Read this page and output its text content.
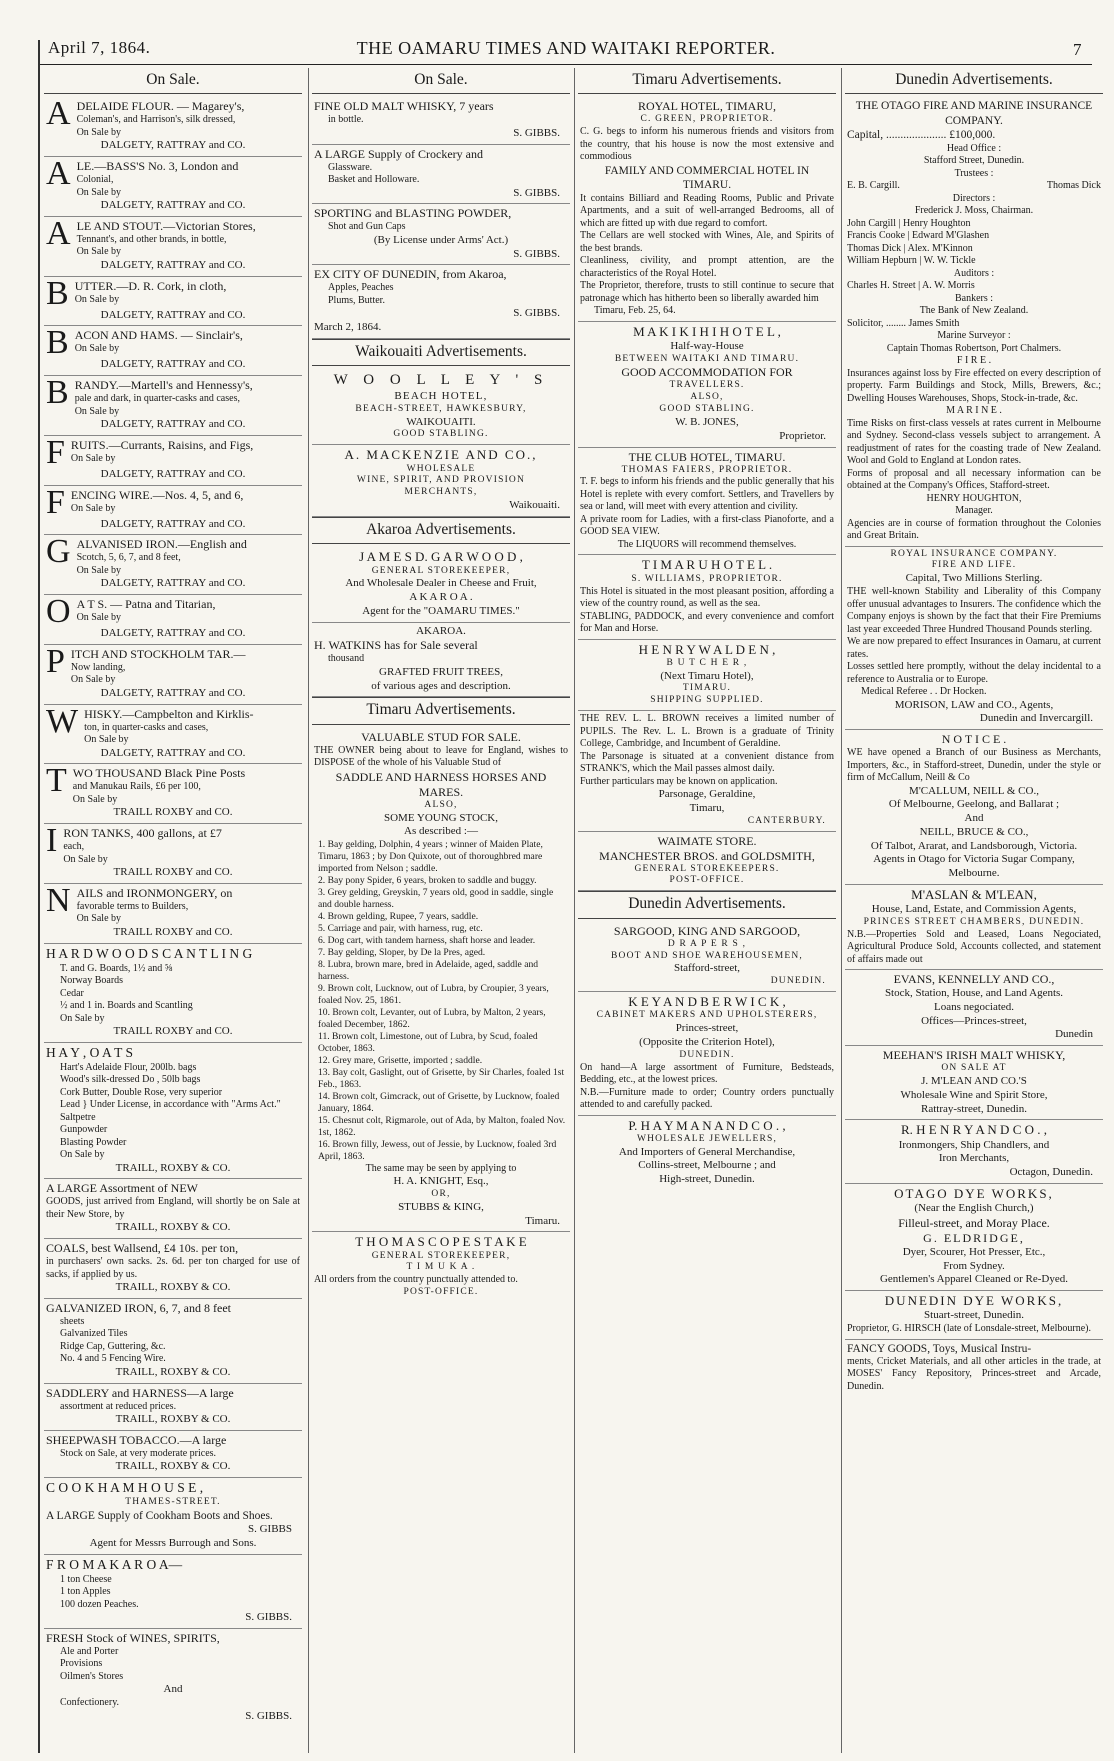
April 7, 1864.	THE OAMARU TIMES AND WAITAKI REPORTER.	7
On Sale.

ADELAIDE FLOUR. — Magarey's,

Coleman's, and Harrison's, silk dressed,

On Sale by

DALGETY, RATTRAY and CO.

ALE.—BASS'S No. 3, London and

Colonial,

On Sale by

DALGETY, RATTRAY and CO.

ALE AND STOUT.—Victorian Stores,

Tennant's, and other brands, in bottle,

On Sale by

DALGETY, RATTRAY and CO.

BUTTER.—D. R. Cork, in cloth,

On Sale by

DALGETY, RATTRAY and CO.

BACON AND HAMS. — Sinclair's,

On Sale by

DALGETY, RATTRAY and CO.

BRANDY.—Martell's and Hennessy's,

pale and dark, in quarter-casks and cases,

On Sale by

DALGETY, RATTRAY and CO.

FRUITS.—Currants, Raisins, and Figs,

On Sale by

DALGETY, RATTRAY and CO.

FENCING WIRE.—Nos. 4, 5, and 6,

On Sale by

DALGETY, RATTRAY and CO.

GALVANISED IRON.—English and

Scotch, 5, 6, 7, and 8 feet,

On Sale by

DALGETY, RATTRAY and CO.

O A T S. — Patna and Titarian,

On Sale by

DALGETY, RATTRAY and CO.

PITCH AND STOCKHOLM TAR.—

Now landing,

On Sale by

DALGETY, RATTRAY and CO.

WHISKY.—Campbelton and Kirklis-

ton, in quarter-casks and cases,

On Sale by

DALGETY, RATTRAY and CO.

TWO THOUSAND Black Pine Posts

and Manukau Rails, £6 per 100,

On Sale by

TRAILL ROXBY and CO.

IRON TANKS, 400 gallons, at £7

each,

On Sale by

TRAILL ROXBY and CO.

NAILS and IRONMONGERY, on

favorable terms to Builders,

On Sale by

TRAILL ROXBY and CO.

H A R D W O O D S C A N T L I N G

T. and G. Boards, 1½ and ⅝

Norway Boards

Cedar

½ and 1 in. Boards and Scantling

On Sale by

TRAILL ROXBY and CO.

H A Y , O A T S

Hart's Adelaide Flour, 200lb. bags

Wood's silk-dressed Do , 50lb bags

Cork Butter, Double Rose, very superior

Lead } Under License, in accordance with "Arms Act."

Saltpetre

Gunpowder

Blasting Powder

On Sale by

TRAILL, ROXBY & CO.

A LARGE Assortment of NEW

GOODS, just arrived from England, will shortly be on Sale at their New Store, by

TRAILL, ROXBY & CO.

COALS, best Wallsend, £4 10s. per ton,

in purchasers' own sacks. 2s. 6d. per ton charged for use of sacks, if applied by us.

TRAILL, ROXBY & CO.

GALVANIZED IRON, 6, 7, and 8 feet

sheets

Galvanized Tiles

Ridge Cap, Guttering, &c.

No. 4 and 5 Fencing Wire.

TRAILL, ROXBY & CO.

SADDLERY and HARNESS—A large

assortment at reduced prices.

TRAILL, ROXBY & CO.

SHEEPWASH TOBACCO.—A large

Stock on Sale, at very moderate prices.

TRAILL, ROXBY & CO.

C O O K H A M H O U S E ,

THAMES-STREET.

A LARGE Supply of Cookham Boots and Shoes.

S. GIBBS

Agent for Messrs Burrough and Sons.

F R O M A K A R O A—

1 ton Cheese

1 ton Apples

100 dozen Peaches.

S. GIBBS.

FRESH Stock of WINES, SPIRITS,

Ale and Porter

Provisions

Oilmen's Stores

And

Confectionery.

S. GIBBS.

On Sale.

FINE OLD MALT WHISKY, 7 years

in bottle.

S. GIBBS.

A LARGE Supply of Crockery and

Glassware.

Basket and Holloware.

S. GIBBS.

SPORTING and BLASTING POWDER,

Shot and Gun Caps

(By License under Arms' Act.)

S. GIBBS.

EX CITY OF DUNEDIN, from Akaroa,

Apples, Peaches

Plums, Butter.

S. GIBBS.

March 2, 1864.

Waikouaiti Advertisements.

W O O L L E Y ' S

BEACH HOTEL,

BEACH-STREET, HAWKESBURY,

WAIKOUAITI.

GOOD STABLING.

A. MACKENZIE AND CO.,

WHOLESALE

WINE, SPIRIT, AND PROVISION

MERCHANTS,

Waikouaiti.

Akaroa Advertisements.

J A M E S D. G A R W O O D ,

GENERAL STOREKEEPER,

And Wholesale Dealer in Cheese and Fruit,

A K A R O A .

Agent for the "OAMARU TIMES."

AKAROA.

H. WATKINS has for Sale several

thousand

GRAFTED FRUIT TREES,

of various ages and description.

Timaru Advertisements.

VALUABLE STUD FOR SALE.

THE OWNER being about to leave for England, wishes to DISPOSE of the whole of his Valuable Stud of

SADDLE AND HARNESS HORSES AND MARES.

ALSO,

SOME YOUNG STOCK,

As described :—

1. Bay gelding, Dolphin, 4 years ; winner of Maiden Plate, Timaru, 1863 ; by Don Quixote, out of thoroughbred mare imported from Nelson ; saddle.

2. Bay pony Spider, 6 years, broken to saddle and buggy.

3. Grey gelding, Greyskin, 7 years old, good in saddle, single and double harness.

4. Brown gelding, Rupee, 7 years, saddle.

5. Carriage and pair, with harness, rug, etc.

6. Dog cart, with tandem harness, shaft horse and leader.

7. Bay gelding, Sloper, by De la Pres, aged.

8. Lubra, brown mare, bred in Adelaide, aged, saddle and harness.

9. Brown colt, Lucknow, out of Lubra, by Croupier, 3 years, foaled Nov. 25, 1861.

10. Brown colt, Levanter, out of Lubra, by Malton, 2 years, foaled December, 1862.

11. Brown colt, Limestone, out of Lubra, by Scud, foaled October, 1863.

12. Grey mare, Grisette, imported ; saddle.

13. Bay colt, Gaslight, out of Grisette, by Sir Charles, foaled 1st Feb., 1863.

14. Brown colt, Gimcrack, out of Grisette, by Lucknow, foaled January, 1864.

15. Chesnut colt, Rigmarole, out of Ada, by Malton, foaled Nov. 1st, 1862.

16. Brown filly, Jewess, out of Jessie, by Lucknow, foaled 3rd April, 1863.

The same may be seen by applying to

H. A. KNIGHT, Esq.,

OR,

STUBBS & KING,

Timaru.

T H O M A S C O P E S T A K E

GENERAL STOREKEEPER,

T I M U K A .

All orders from the country punctually attended to.

POST-OFFICE.

Timaru Advertisements.

ROYAL HOTEL, TIMARU,

C. GREEN, PROPRIETOR.

C. G. begs to inform his numerous friends and visitors from the country, that his house is now the most extensive and commodious

FAMILY AND COMMERCIAL HOTEL IN TIMARU.

It contains Billiard and Reading Rooms, Public and Private Apartments, and a suit of well-arranged Bedrooms, all of which are fitted up with due regard to comfort.

The Cellars are well stocked with Wines, Ale, and Spirits of the best brands.

Cleanliness, civility, and prompt attention, are the characteristics of the Royal Hotel.

The Proprietor, therefore, trusts to still continue to secure that patronage which has hitherto been so liberally awarded him

Timaru, Feb. 25, 64.

M A K I K I H I H O T E L ,

Half-way-House

BETWEEN WAITAKI AND TIMARU.

GOOD ACCOMMODATION FOR

TRAVELLERS.

ALSO,

GOOD STABLING.

W. B. JONES,

Proprietor.

THE CLUB HOTEL, TIMARU.

THOMAS FAIERS, PROPRIETOR.

T. F. begs to inform his friends and the public generally that his Hotel is replete with every comfort. Settlers, and Travellers by sea or land, will meet with every attention and civility.

A private room for Ladies, with a first-class Pianoforte, and a GOOD SEA VIEW.

The LIQUORS will recommend themselves.

T I M A R U H O T E L .

S. WILLIAMS, PROPRIETOR.

This Hotel is situated in the most pleasant position, affording a view of the country round, as well as the sea.

STABLING, PADDOCK, and every convenience and comfort for Man and Horse.

H E N R Y W A L D E N ,

B U T C H E R ,

(Next Timaru Hotel),

TIMARU.

SHIPPING SUPPLIED.

THE REV. L. L. BROWN receives a limited number of PUPILS. The Rev. L. L. Brown is a graduate of Trinity College, Cambridge, and Incumbent of Geraldine.

The Parsonage is situated at a convenient distance from STRANK'S, which the Mail passes almost daily.

Further particulars may be known on application.

Parsonage, Geraldine,

Timaru,

CANTERBURY.

WAIMATE STORE.

MANCHESTER BROS. and GOLDSMITH,

GENERAL STOREKEEPERS.

POST-OFFICE.

Dunedin Advertisements.

SARGOOD, KING AND SARGOOD,

D R A P E R S ,

BOOT AND SHOE WAREHOUSEMEN,

Stafford-street,

DUNEDIN.

K E Y A N D B E R W I C K ,

CABINET MAKERS AND UPHOLSTERERS,

Princes-street,

(Opposite the Criterion Hotel),

DUNEDIN.

On hand—A large assortment of Furniture, Bedsteads, Bedding, etc., at the lowest prices.

N.B.—Furniture made to order; Country orders punctually attended to and carefully packed.

P. H A Y M A N A N D C O . ,

WHOLESALE JEWELLERS,

And Importers of General Merchandise,

Collins-street, Melbourne ; and

High-street, Dunedin.

Dunedin Advertisements.

THE OTAGO FIRE AND MARINE INSURANCE COMPANY.

Capital, ..................... £100,000.

Head Office :

Stafford Street, Dunedin.

Trustees :

E. B. Cargill.	Thomas Dick

Directors :

Frederick J. Moss, Chairman.

John Cargill | Henry Houghton

Francis Cooke | Edward M'Glashen

Thomas Dick | Alex. M'Kinnon

William Hepburn | W. W. Tickle

Auditors :

Charles H. Street | A. W. Morris

Bankers :

The Bank of New Zealand.

Solicitor, ........ James Smith

Marine Surveyor :

Captain Thomas Robertson, Port Chalmers.

F I R E .

Insurances against loss by Fire effected on every description of property. Farm Buildings and Stock, Mills, Brewers, &c.; Dwelling Houses Warehouses, Shops, Stock-in-trade, &c.

M A R I N E .

Time Risks on first-class vessels at rates current in Melbourne and Sydney. Second-class vessels subject to arrangement. A readjustment of rates for the coasting trade of New Zealand. Wool and Gold to England at London rates.

Forms of proposal and all necessary information can be obtained at the Company's Offices, Stafford-street.

HENRY HOUGHTON,

Manager.

Agencies are in course of formation throughout the Colonies and Great Britain.

ROYAL INSURANCE COMPANY.

FIRE AND LIFE.

Capital, Two Millions Sterling.

THE well-known Stability and Liberality of this Company offer unusual advantages to Insurers. The confidence which the Company enjoys is shown by the fact that their Fire Premiums last year exceeded Three Hundred Thousand Pounds sterling.

We are now prepared to effect Insurances in Oamaru, at current rates.

Losses settled here promptly, without the delay incidental to a reference to Australia or to Europe.

Medical Referee . . Dr Hocken.

MORISON, LAW and CO., Agents,

Dunedin and Invercargill.

N O T I C E .

WE have opened a Branch of our Business as Merchants, Importers, &c., in Stafford-street, Dunedin, under the style or firm of McCallum, Neill & Co

M'CALLUM, NEILL & CO.,

Of Melbourne, Geelong, and Ballarat ;

And

NEILL, BRUCE & CO.,

Of Talbot, Ararat, and Landsborough, Victoria.

Agents in Otago for Victoria Sugar Company, Melbourne.

M'ASLAN & M'LEAN,

House, Land, Estate, and Commission Agents,

PRINCES STREET CHAMBERS, DUNEDIN.

N.B.—Properties Sold and Leased, Loans Negociated, Agricultural Produce Sold, Accounts collected, and statement of affairs made out

EVANS, KENNELLY AND CO.,

Stock, Station, House, and Land Agents.

Loans negociated.

Offices—Princes-street,

Dunedin

MEEHAN'S IRISH MALT WHISKY,

ON SALE AT

J. M'LEAN AND CO.'S

Wholesale Wine and Spirit Store,

Rattray-street, Dunedin.

R. H E N R Y A N D C O . ,

Ironmongers, Ship Chandlers, and

Iron Merchants,

Octagon, Dunedin.

OTAGO DYE WORKS,

(Near the English Church,)

Filleul-street, and Moray Place.

G. ELDRIDGE,

Dyer, Scourer, Hot Presser, Etc.,

From Sydney.

Gentlemen's Apparel Cleaned or Re-Dyed.

DUNEDIN DYE WORKS,

Stuart-street, Dunedin.

Proprietor, G. HIRSCH (late of Lonsdale-street, Melbourne).

FANCY GOODS, Toys, Musical Instru-

ments, Cricket Materials, and all other articles in the trade, at MOSES' Fancy Repository, Princes-street and Arcade, Dunedin.
